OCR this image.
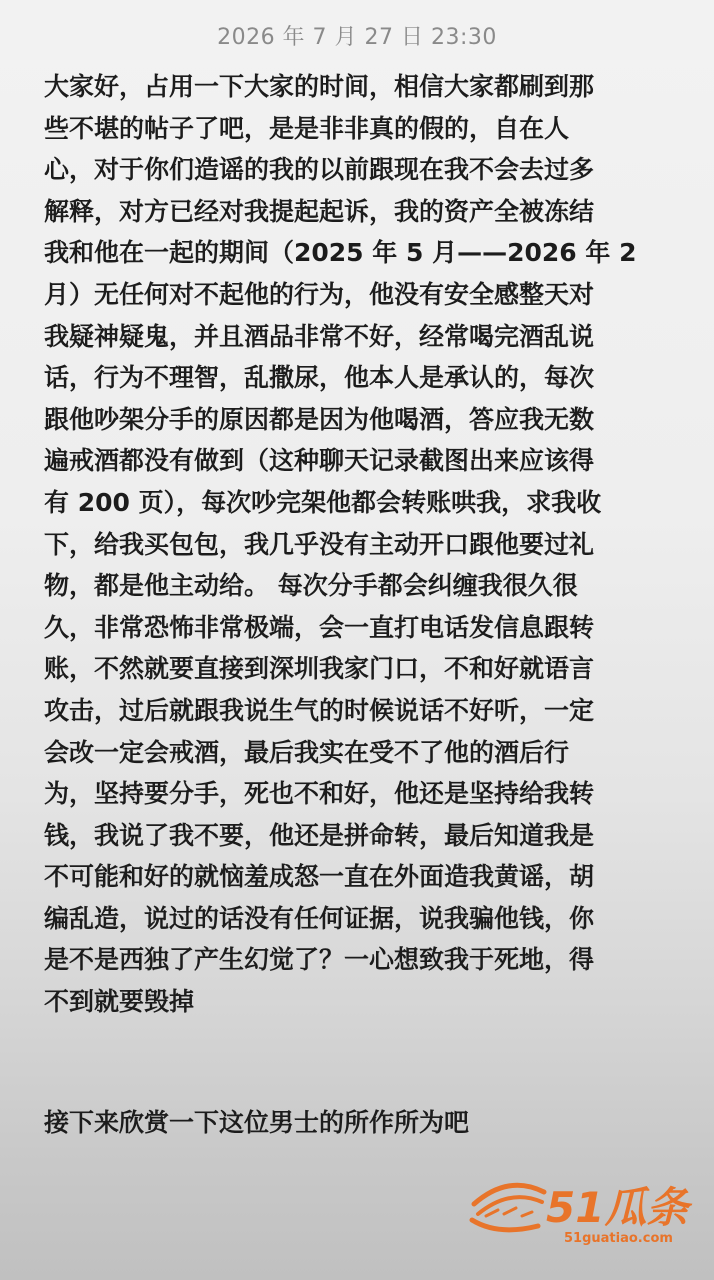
2026 年 7 月 27 日 23:30
大家好，占用一下大家的时间，相信大家都刷到那
些不堪的帖子了吧，是是非非真的假的，自在人
心，对于你们造谣的我的以前跟现在我不会去过多
解释，对方已经对我提起起诉，我的资产全被冻结
我和他在一起的期间（2025 年 5 月——2026 年 2
月）无任何对不起他的行为，他没有安全感整天对
我疑神疑鬼，并且酒品非常不好，经常喝完酒乱说
话，行为不理智，乱撒尿，他本人是承认的，每次
跟他吵架分手的原因都是因为他喝酒，答应我无数
遍戒酒都没有做到（这种聊天记录截图出来应该得
有 200 页），每次吵完架他都会转账哄我，求我收
下，给我买包包，我几乎没有主动开口跟他要过礼
物，都是他主动给。 每次分手都会纠缠我很久很
久，非常恐怖非常极端，会一直打电话发信息跟转
账，不然就要直接到深圳我家门口，不和好就语言
攻击，过后就跟我说生气的时候说话不好听，一定
会改一定会戒酒，最后我实在受不了他的酒后行
为，坚持要分手，死也不和好，他还是坚持给我转
钱，我说了我不要，他还是拼命转，最后知道我是
不可能和好的就恼羞成怒一直在外面造我黄谣，胡
编乱造，说过的话没有任何证据，说我骗他钱，你
是不是西独了产生幻觉了？一心想致我于死地，得
不到就要毁掉
接下来欣赏一下这位男士的所作所为吧
51瓜条
51guatiao.com
